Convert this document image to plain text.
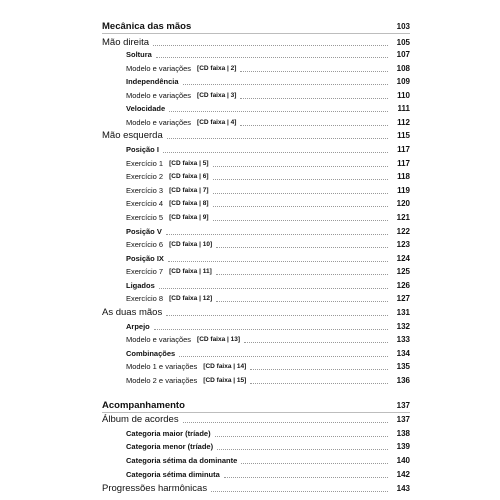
Mecânica das mãos	103
Mão direita	105
Soltura	107
Modelo e variações [CD faixa | 2]	108
Independência	109
Modelo e variações [CD faixa | 3]	110
Velocidade	111
Modelo e variações [CD faixa | 4]	112
Mão esquerda	115
Posição I	117
Exercício 1 [CD faixa | 5]	117
Exercício 2 [CD faixa | 6]	118
Exercício 3 [CD faixa | 7]	119
Exercício 4 [CD faixa | 8]	120
Exercício 5 [CD faixa | 9]	121
Posição V	122
Exercício 6 [CD faixa | 10]	123
Posição IX	124
Exercício 7 [CD faixa | 11]	125
Ligados	126
Exercício 8 [CD faixa | 12]	127
As duas mãos	131
Arpejo	132
Modelo e variações [CD faixa | 13]	133
Combinações	134
Modelo 1 e variações [CD faixa | 14]	135
Modelo 2 e variações [CD faixa | 15]	136
Acompanhamento	137
Álbum de acordes	137
Categoria maior (tríade)	138
Categoria menor (tríade)	139
Categoria sétima da dominante	140
Categoria sétima diminuta	142
Progressões harmônicas	143
